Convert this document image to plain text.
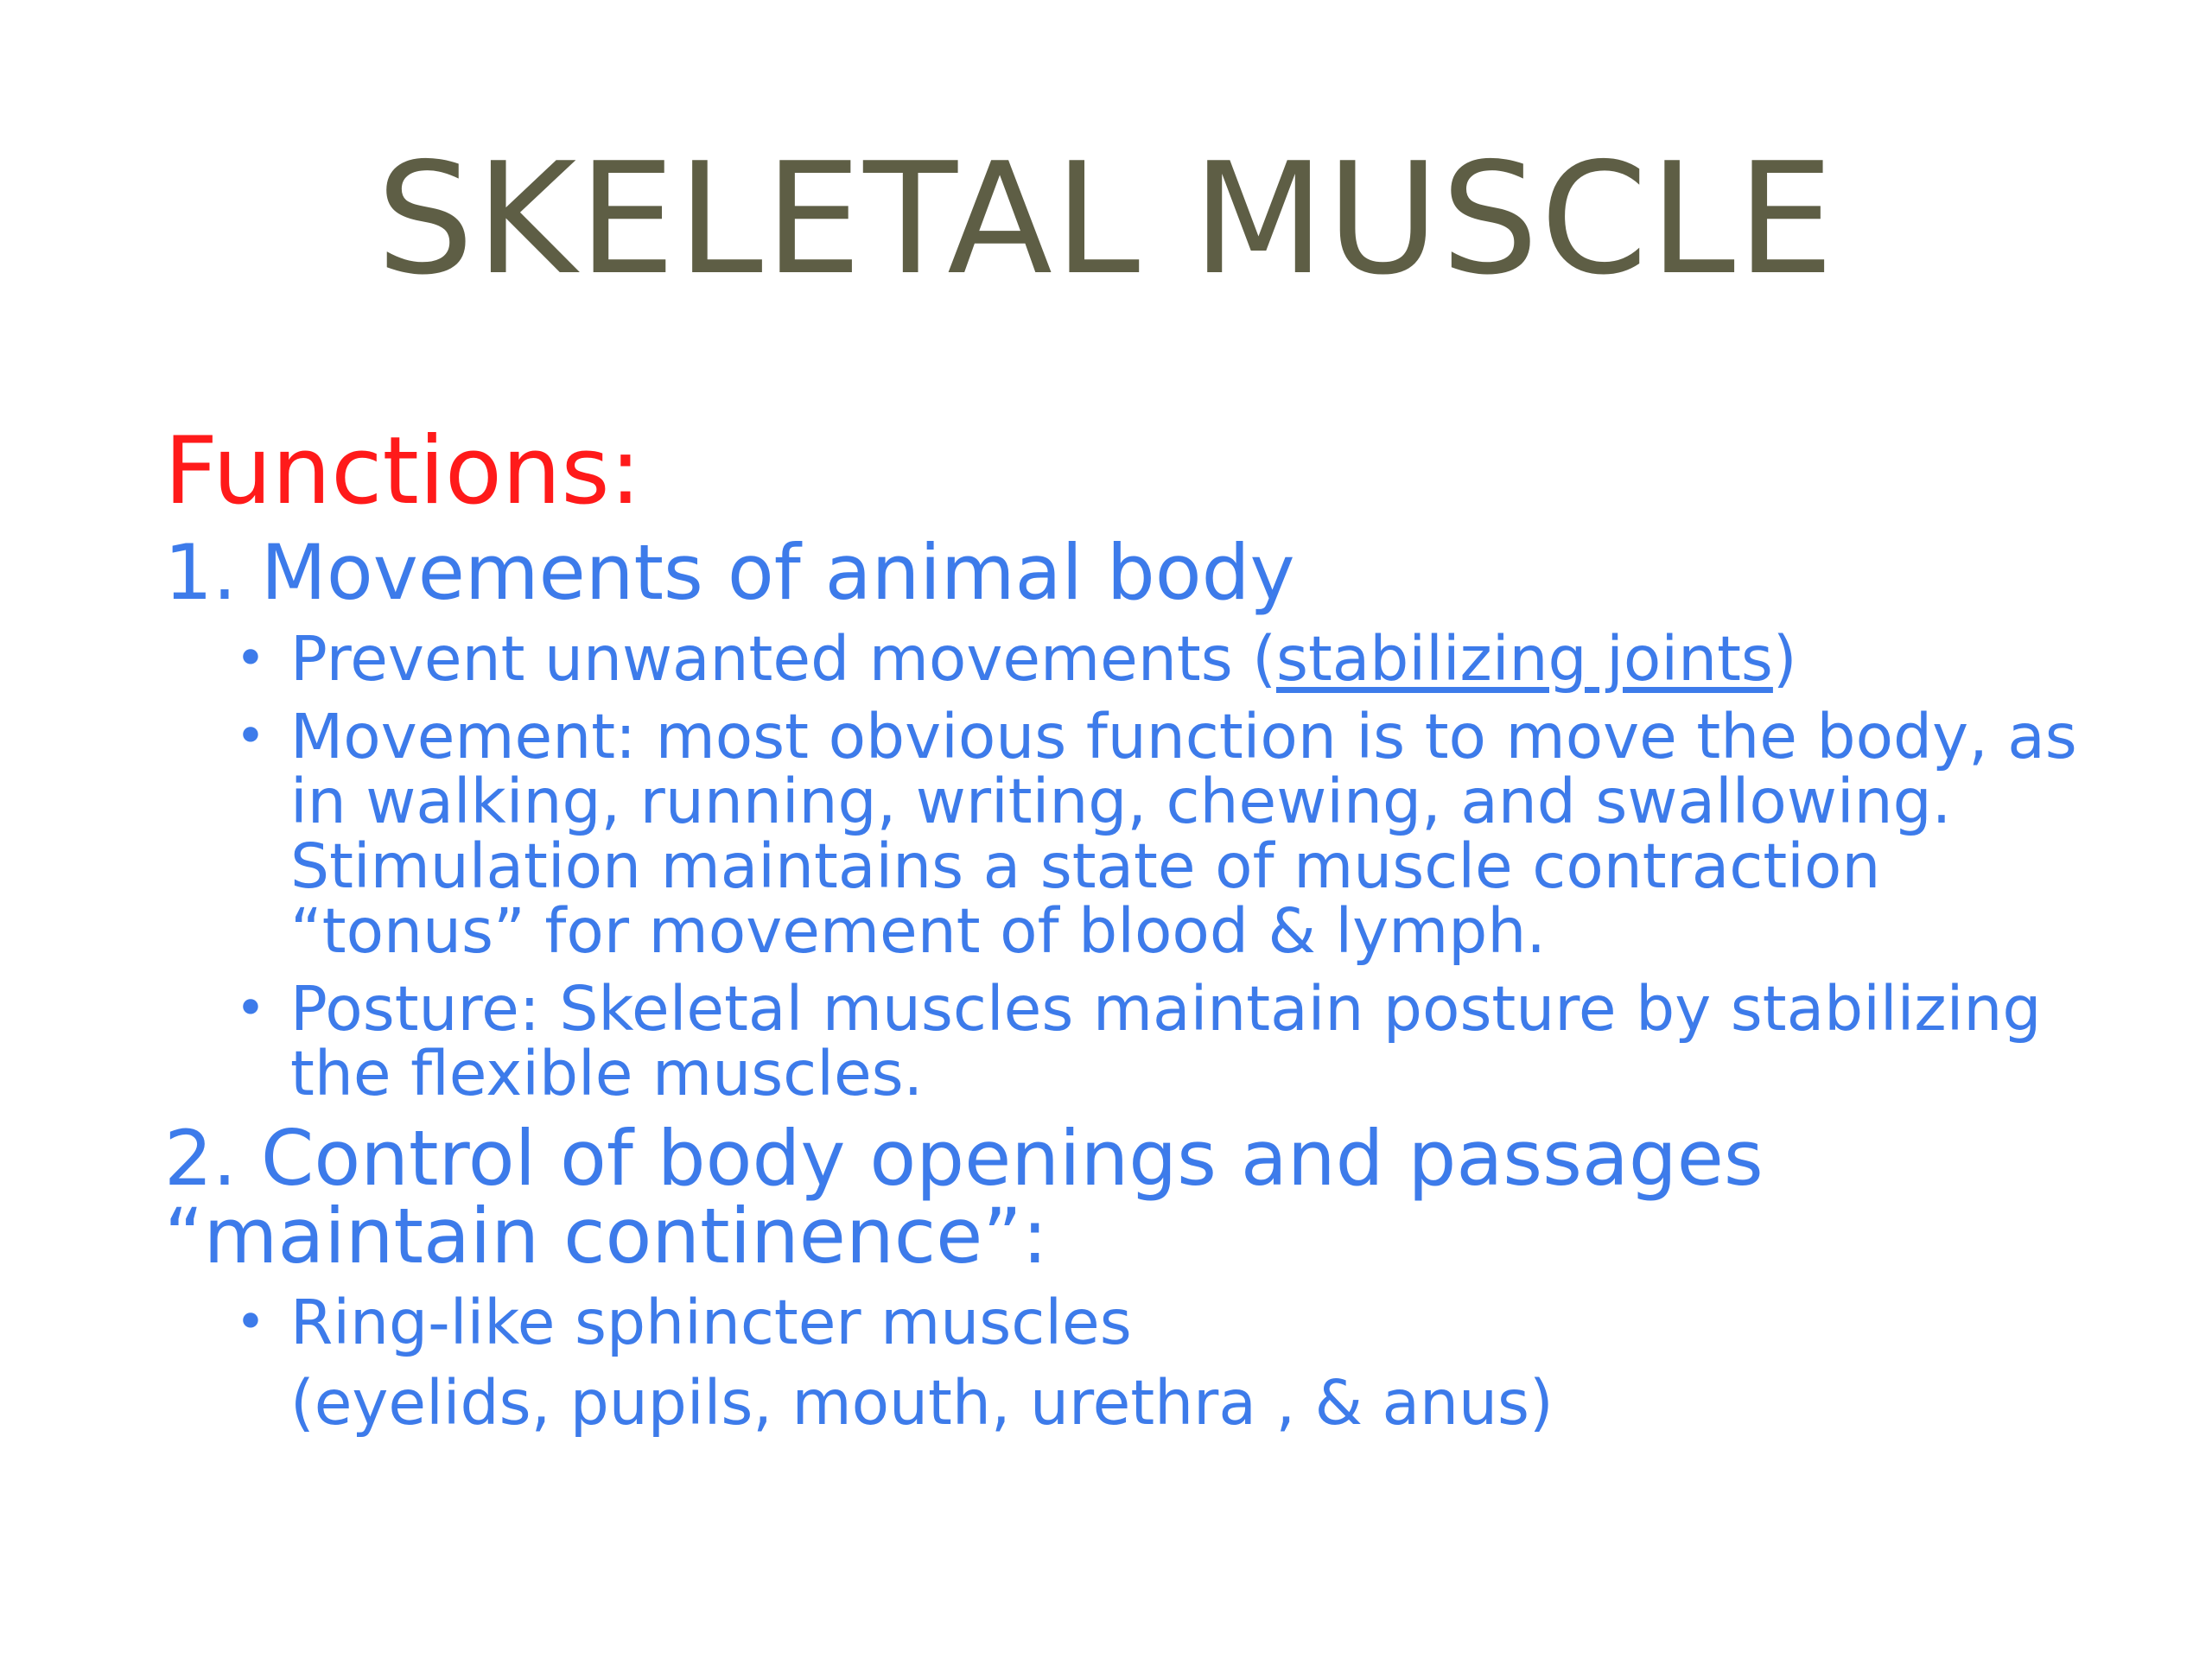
SKELETAL MUSCLE
Functions:
1. Movements of animal body
• Prevent unwanted movements (stabilizing joints)
• Movement: most obvious function is to move the body, as in walking, running, writing, chewing, and swallowing. Stimulation maintains a state of muscle contraction “tonus” for movement of blood & lymph.
• Posture: Skeletal muscles maintain posture by stabilizing the flexible muscles.
2. Control of body openings and passages “maintain continence”:
• Ring-like sphincter muscles
(eyelids, pupils, mouth, urethra , & anus)
